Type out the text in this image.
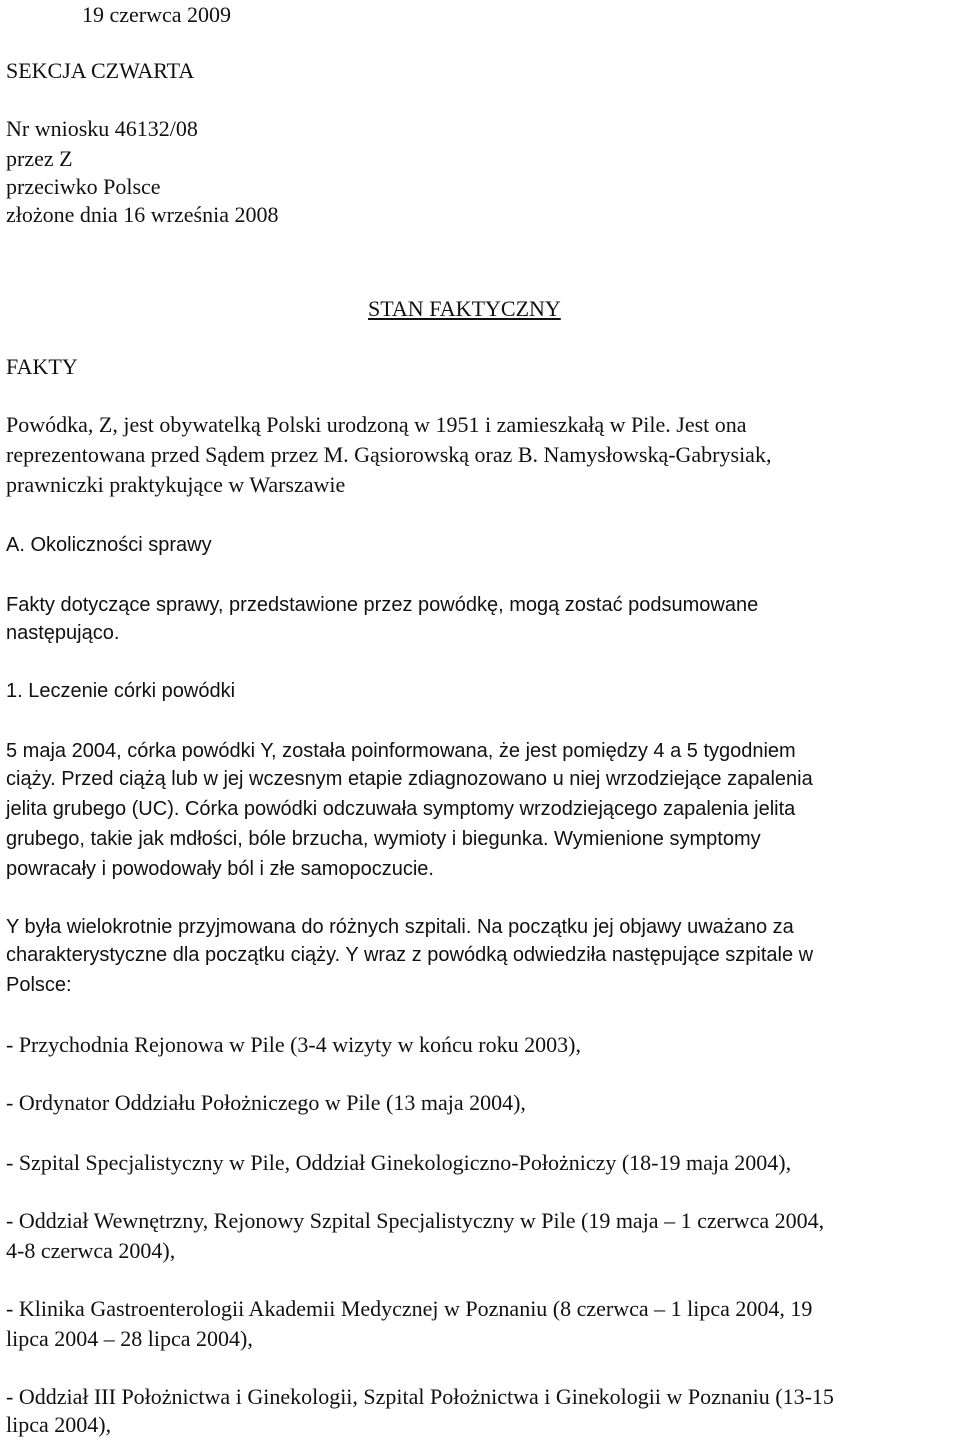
19 czerwca 2009

SEKCJA CZWARTA

Nr wniosku 46132/08

przez Z

przeciwko Polsce

złożone dnia 16 września 2008

STAN FAKTYCZNY

FAKTY

Powódka, Z, jest obywatelką Polski urodzoną w 1951 i zamieszkałą w Pile. Jest ona

reprezentowana przed Sądem przez M. Gąsiorowską oraz B. Namysłowską-Gabrysiak,

prawniczki praktykujące w Warszawie

A. Okoliczności sprawy

Fakty dotyczące sprawy, przedstawione przez powódkę, mogą zostać podsumowane

następująco.

1. Leczenie córki powódki

5 maja 2004, córka powódki Y, została poinformowana, że jest pomiędzy 4 a 5 tygodniem

ciąży. Przed ciążą lub w jej wczesnym etapie zdiagnozowano u niej wrzodziejące zapalenia

jelita grubego (UC). Córka powódki odczuwała symptomy wrzodziejącego zapalenia jelita

grubego, takie jak mdłości, bóle brzucha, wymioty i biegunka. Wymienione symptomy

powracały i powodowały ból i złe samopoczucie.

Y była wielokrotnie przyjmowana do różnych szpitali. Na początku jej objawy uważano za

charakterystyczne dla początku ciąży. Y wraz z powódką odwiedziła następujące szpitale w

Polsce:

- Przychodnia Rejonowa w Pile (3-4 wizyty w końcu roku 2003),

- Ordynator Oddziału Położniczego w Pile (13 maja 2004),

- Szpital Specjalistyczny w Pile, Oddział Ginekologiczno-Położniczy (18-19 maja 2004),

- Oddział Wewnętrzny, Rejonowy Szpital Specjalistyczny w Pile (19 maja – 1 czerwca 2004,

4-8 czerwca 2004),

- Klinika Gastroenterologii Akademii Medycznej w Poznaniu (8 czerwca – 1 lipca 2004, 19

lipca 2004 – 28 lipca 2004),

- Oddział III Położnictwa i Ginekologii, Szpital Położnictwa i Ginekologii w Poznaniu (13-15

lipca 2004),
